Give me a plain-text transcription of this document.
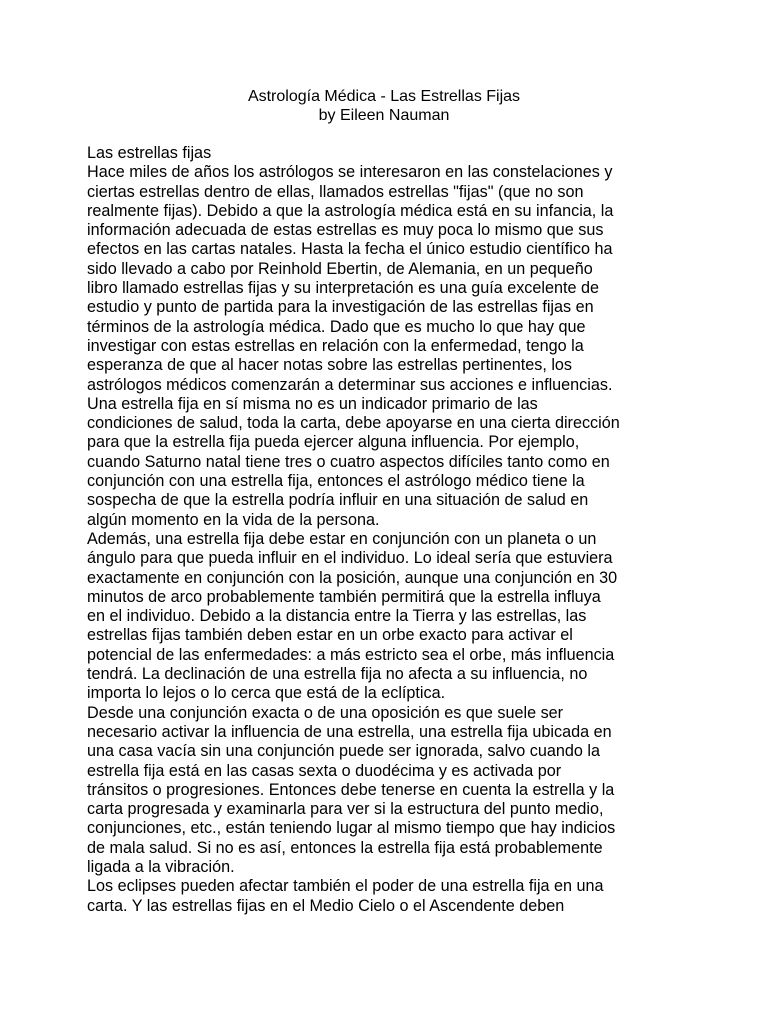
Astrología Médica - Las Estrellas Fijas
by Eileen Nauman
Las estrellas fijas
Hace miles de años los astrólogos se interesaron en las constelaciones y
ciertas estrellas dentro de ellas, llamados estrellas "fijas" (que no son
realmente fijas). Debido a que la astrología médica está en su infancia, la
información adecuada de estas estrellas es muy poca lo mismo que sus
efectos en las cartas natales. Hasta la fecha el único estudio científico ha
sido llevado a cabo por Reinhold Ebertin, de Alemania, en un pequeño
libro llamado estrellas fijas y su interpretación es una guía excelente de
estudio y punto de partida para la investigación de las estrellas fijas en
términos de la astrología médica. Dado que es mucho lo que hay que
investigar con estas estrellas en relación con la enfermedad, tengo la
esperanza de que al hacer notas sobre las estrellas pertinentes, los
astrólogos médicos comenzarán a determinar sus acciones e influencias.
Una estrella fija en sí misma no es un indicador primario de las
condiciones de salud, toda la carta, debe apoyarse en una cierta dirección
para que la estrella fija pueda ejercer alguna influencia. Por ejemplo,
cuando Saturno natal tiene tres o cuatro aspectos difíciles tanto como en
conjunción con una estrella fija, entonces el astrólogo médico tiene la
sospecha de que la estrella podría influir en una situación de salud en
algún momento en la vida de la persona.
Además, una estrella fija debe estar en conjunción con un planeta o un
ángulo para que pueda influir en el individuo. Lo ideal sería que estuviera
exactamente en conjunción con la posición, aunque una conjunción en 30
minutos de arco probablemente también permitirá que la estrella influya
en el individuo. Debido a la distancia entre la Tierra y las estrellas, las
estrellas fijas también deben estar en un orbe exacto para activar el
potencial de las enfermedades: a más estricto sea el orbe, más influencia
tendrá. La declinación de una estrella fija no afecta a su influencia, no
importa lo lejos o lo cerca que está de la eclíptica.
Desde una conjunción exacta o de una oposición es que suele ser
necesario activar la influencia de una estrella, una estrella fija ubicada en
una casa vacía sin una conjunción puede ser ignorada, salvo cuando la
estrella fija está en las casas sexta o duodécima y es activada por
tránsitos o progresiones. Entonces debe tenerse en cuenta la estrella y la
carta progresada y examinarla para ver si la estructura del punto medio,
conjunciones, etc., están teniendo lugar al mismo tiempo que hay indicios
de mala salud. Si no es así, entonces la estrella fija está probablemente
ligada a la vibración.
Los eclipses pueden afectar también el poder de una estrella fija en una
carta. Y las estrellas fijas en el Medio Cielo o el Ascendente deben
